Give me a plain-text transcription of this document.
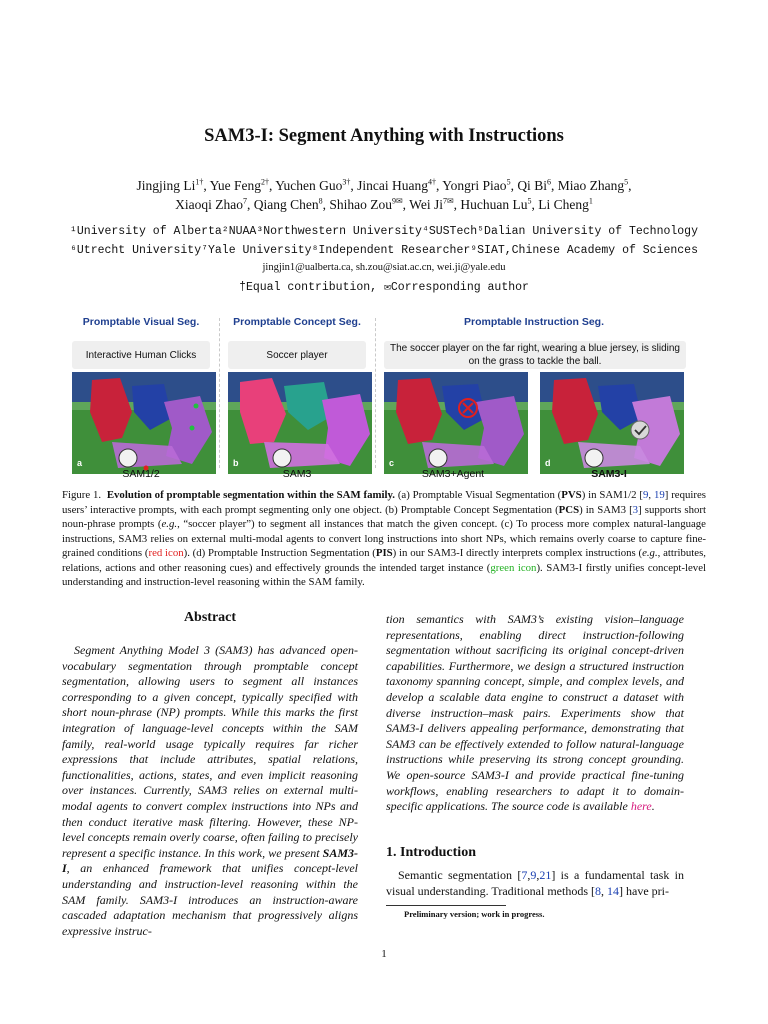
SAM3-I: Segment Anything with Instructions
Jingjing $Li^{1\dagger}$, Yue Feng$^{2\dagger}$, Yuchen Guo$^{3\dagger}$, Jincai Huang$^{4\dagger}$, Yongri Piao$^5$, Qi Bi$^6$, Miao Zhang$^5$,
Xiaoqi Zhao$^7$, Qiang Chen$^8$, Shihao Zou$^{9✉}$, Wei $Ji^{7✉}$, Huchuan Lu$^5$, Li Cheng$^1$
¹University of Alberta²NUAA³Northwestern University⁴SUSTech⁵Dalian University of Technology
⁶Utrecht University⁷Yale University⁸Independent Researcher⁹SIAT,Chinese Academy of Sciences
jingjin1@ualberta.ca, sh.zou@siat.ac.cn, wei.ji@yale.edu
†Equal contribution, ✉Corresponding author
Promptable Visual Seg.	Promptable Concept Seg.	Promptable Instruction Seg.
Interactive Human Clicks	Soccer player
The soccer player on the far right, wearing a blue jersey, is sliding on the grass to tackle the ball.
a	b	c	d
SAM1/2	SAM3	SAM3+Agent	SAM3-I
Figure 1. Evolution of promptable segmentation within the SAM family. (a) Promptable Visual Segmentation (PVS) in SAM1/2 [9, 19] requires users’ interactive prompts, with each prompt segmenting only one object. (b) Promptable Concept Segmentation (PCS) in SAM3 [3] supports short noun-phrase prompts (e.g., “soccer player”) to segment all instances that match the given concept. (c) To process more complex natural-language instructions, SAM3 relies on external multi-modal agents to convert long instructions into short NPs, which remains overly coarse to capture fine-grained conditions (red icon). (d) Promptable Instruction Segmentation (PIS) in our SAM3-I directly interprets complex instructions (e.g., attributes, relations, actions and other reasoning cues) and effectively grounds the intended target instance (green icon). SAM3-I firstly unifies concept-level understanding and instruction-level reasoning within the SAM family.
Abstract
Segment Anything Model 3 (SAM3) has advanced open-vocabulary segmentation through promptable concept segmentation, allowing users to segment all instances corresponding to a given concept, typically specified with short noun-phrase (NP) prompts. While this marks the first integration of language-level concepts within the SAM family, real-world usage typically requires far richer expressions that include attributes, spatial relations, functionalities, actions, states, and even implicit reasoning over instances. Currently, SAM3 relies on external multi-modal agents to convert complex instructions into NPs and then conduct iterative mask filtering. However, these NP-level concepts remain overly coarse, often failing to precisely represent a specific instance. In this work, we present SAM3-I, an enhanced framework that unifies concept-level understanding and instruction-level reasoning within the SAM family. SAM3-I introduces an instruction-aware cascaded adaptation mechanism that progressively aligns expressive instruc-
tion semantics with SAM3’s existing vision–language representations, enabling direct instruction-following segmentation without sacrificing its original concept-driven capabilities. Furthermore, we design a structured instruction taxonomy spanning concept, simple, and complex levels, and develop a scalable data engine to construct a dataset with diverse instruction–mask pairs. Experiments show that SAM3-I delivers appealing performance, demonstrating that SAM3 can be effectively extended to follow natural-language instructions while preserving its strong concept grounding. We open-source SAM3-I and provide practical fine-tuning workflows, enabling researchers to adapt it to domain-specific applications. The source code is available here.
1. Introduction
Semantic segmentation [7,9,21] is a fundamental task in visual understanding. Traditional methods [8, 14] have pri-
Preliminary version; work in progress.
1
